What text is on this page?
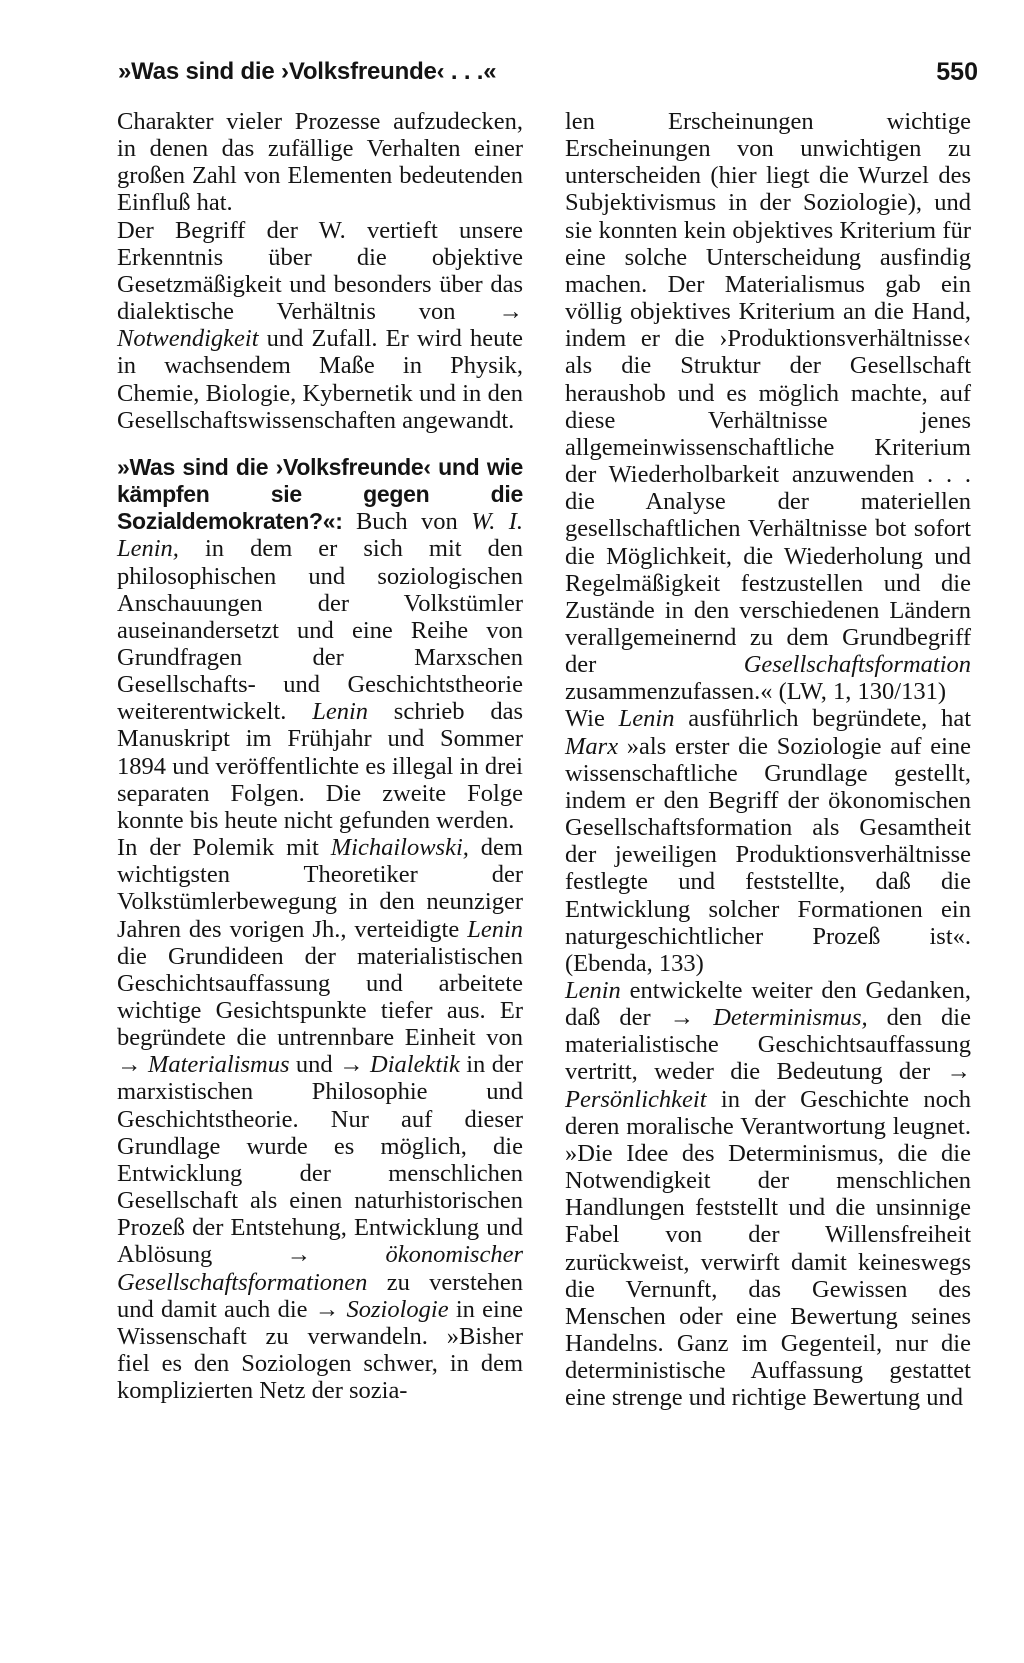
»Was sind die ›Volksfreunde‹ . . .«	550

Charakter vieler Prozesse aufzudecken, in denen das zufällige Verhalten einer großen Zahl von Elementen bedeutenden Einfluß hat.

Der Begriff der W. vertieft unsere Erkenntnis über die objektive Gesetzmäßigkeit und besonders über das dialektische Verhältnis von → Notwendigkeit und Zufall. Er wird heute in wachsendem Maße in Physik, Chemie, Biologie, Kybernetik und in den Gesellschaftswissenschaften angewandt.

»Was sind die ›Volksfreunde‹ und wie kämpfen sie gegen die Sozialdemokraten?«: Buch von W. I. Lenin, in dem er sich mit den philosophischen und soziologischen Anschauungen der Volkstümler auseinandersetzt und eine Reihe von Grundfragen der Marxschen Gesellschafts- und Geschichtstheorie weiterentwickelt. Lenin schrieb das Manuskript im Frühjahr und Sommer 1894 und veröffentlichte es illegal in drei separaten Folgen. Die zweite Folge konnte bis heute nicht gefunden werden.

In der Polemik mit Michailowski, dem wichtigsten Theoretiker der Volkstümlerbewegung in den neunziger Jahren des vorigen Jh., verteidigte Lenin die Grundideen der materialistischen Geschichtsauffassung und arbeitete wichtige Gesichtspunkte tiefer aus. Er begründete die untrennbare Einheit von → Materialismus und → Dialektik in der marxistischen Philosophie und Geschichtstheorie. Nur auf dieser Grundlage wurde es möglich, die Entwicklung der menschlichen Gesellschaft als einen naturhistorischen Prozeß der Entstehung, Entwicklung und Ablösung → ökonomischer Gesellschaftsformationen zu verstehen und damit auch die → Soziologie in eine Wissenschaft zu verwandeln. »Bisher fiel es den Soziologen schwer, in dem komplizierten Netz der sozia-

len Erscheinungen wichtige Erscheinungen von unwichtigen zu unterscheiden (hier liegt die Wurzel des Subjektivismus in der Soziologie), und sie konnten kein objektives Kriterium für eine solche Unterscheidung ausfindig machen. Der Materialismus gab ein völlig objektives Kriterium an die Hand, indem er die ›Produktionsverhältnisse‹ als die Struktur der Gesellschaft heraushob und es möglich machte, auf diese Verhältnisse jenes allgemeinwissenschaftliche Kriterium der Wiederholbarkeit anzuwenden . . . die Analyse der materiellen gesellschaftlichen Verhältnisse bot sofort die Möglichkeit, die Wiederholung und Regelmäßigkeit festzustellen und die Zustände in den verschiedenen Ländern verallgemeinernd zu dem Grundbegriff der Gesellschaftsformation zusammenzufassen.« (LW, 1, 130/131)

Wie Lenin ausführlich begründete, hat Marx »als erster die Soziologie auf eine wissenschaftliche Grundlage gestellt, indem er den Begriff der ökonomischen Gesellschaftsformation als Gesamtheit der jeweiligen Produktionsverhältnisse festlegte und feststellte, daß die Entwicklung solcher Formationen ein naturgeschichtlicher Prozeß ist«. (Ebenda, 133)

Lenin entwickelte weiter den Gedanken, daß der → Determinismus, den die materialistische Geschichtsauffassung vertritt, weder die Bedeutung der → Persönlichkeit in der Geschichte noch deren moralische Verantwortung leugnet. »Die Idee des Determinismus, die die Notwendigkeit der menschlichen Handlungen feststellt und die unsinnige Fabel von der Willensfreiheit zurückweist, verwirft damit keineswegs die Vernunft, das Gewissen des Menschen oder eine Bewertung seines Handelns. Ganz im Gegenteil, nur die deterministische Auffassung gestattet eine strenge und richtige Bewertung und
